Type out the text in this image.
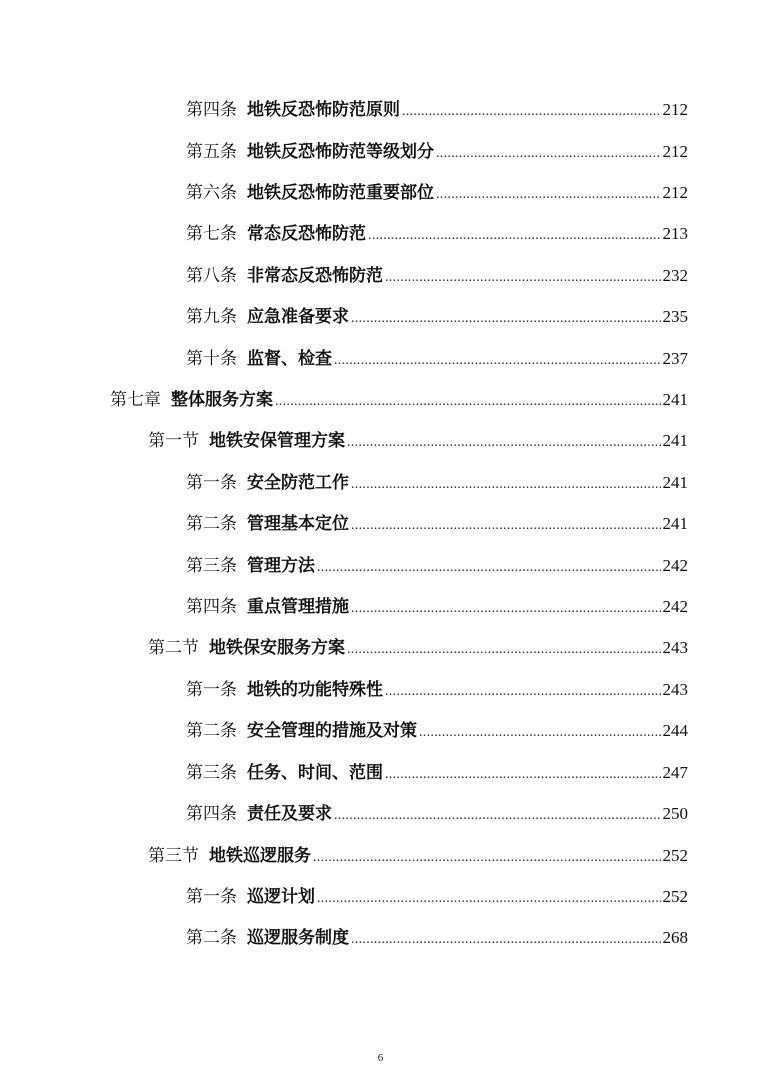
第四条 地铁反恐怖防范原则 .....	212
第五条 地铁反恐怖防范等级划分 .....	212
第六条 地铁反恐怖防范重要部位 .....	212
第七条 常态反恐怖防范 .....	213
第八条 非常态反恐怖防范 .....	232
第九条 应急准备要求 .....	235
第十条 监督、检查 .....	237
第七章 整体服务方案 .....	241
第一节 地铁安保管理方案 .....	241
第一条 安全防范工作 .....	241
第二条 管理基本定位 .....	241
第三条 管理方法 .....	242
第四条 重点管理措施 .....	242
第二节 地铁保安服务方案 .....	243
第一条 地铁的功能特殊性 .....	243
第二条 安全管理的措施及对策 .....	244
第三条 任务、时间、范围 .....	247
第四条 责任及要求 .....	250
第三节 地铁巡逻服务 .....	252
第一条 巡逻计划 .....	252
第二条 巡逻服务制度 .....	268
6
